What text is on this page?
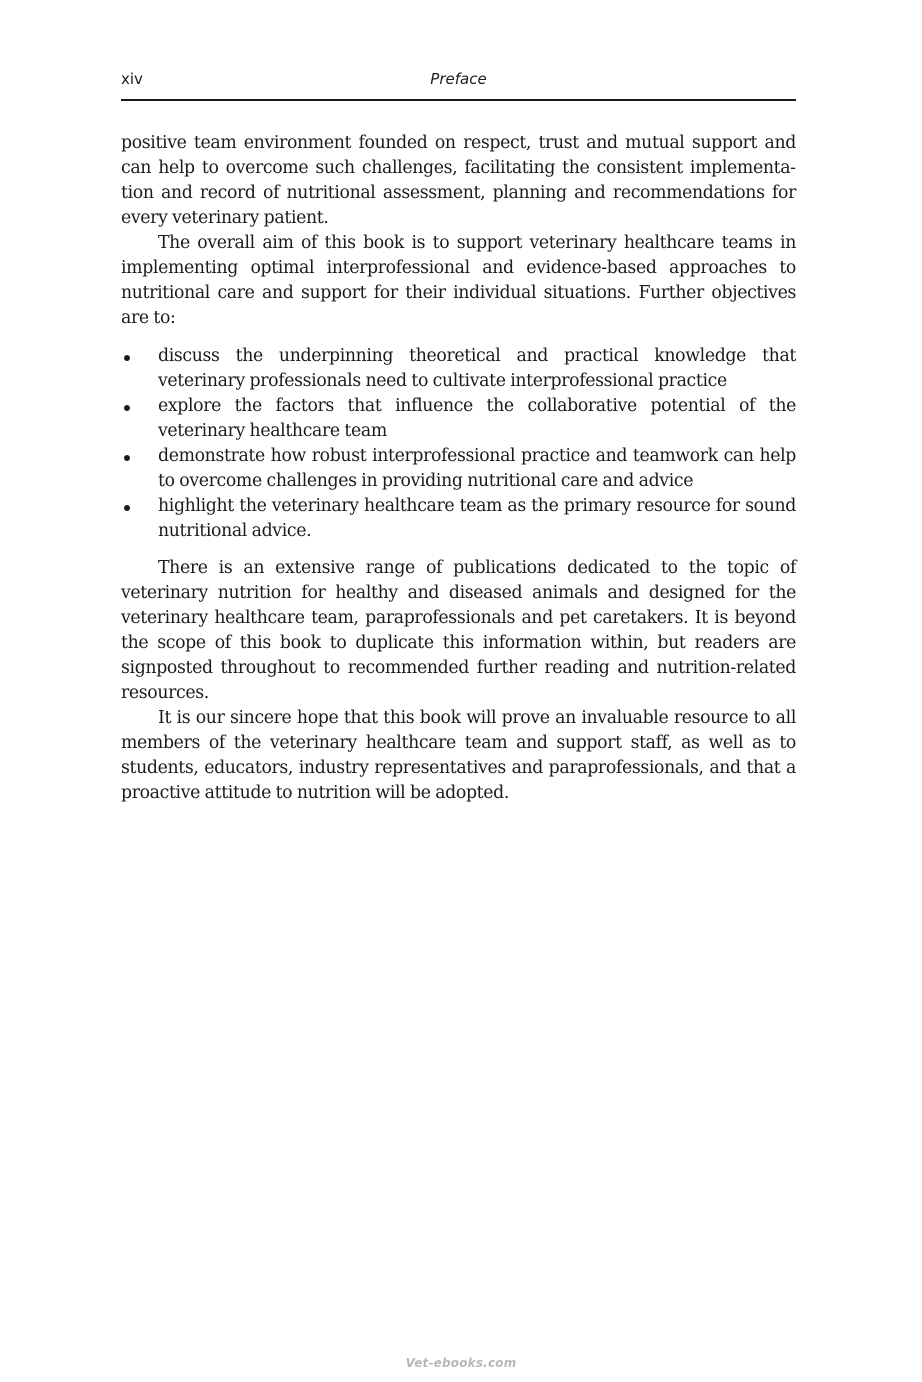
xiv	Preface

positive team environment founded on respect, trust and mutual support and can help to overcome such challenges, facilitating the consistent implementation and record of nutritional assessment, planning and recommendations for every veterinary patient.

The overall aim of this book is to support veterinary healthcare teams in implementing optimal interprofessional and evidence-based approaches to nutritional care and support for their individual situations. Further objectives are to:

discuss the underpinning theoretical and practical knowledge that veterinary professionals need to cultivate interprofessional practice
explore the factors that influence the collaborative potential of the veterinary healthcare team
demonstrate how robust interprofessional practice and teamwork can help to overcome challenges in providing nutritional care and advice
highlight the veterinary healthcare team as the primary resource for sound nutritional advice.

There is an extensive range of publications dedicated to the topic of veterinary nutrition for healthy and diseased animals and designed for the veterinary healthcare team, paraprofessionals and pet caretakers. It is beyond the scope of this book to duplicate this information within, but readers are signposted throughout to recommended further reading and nutrition-related resources.

It is our sincere hope that this book will prove an invaluable resource to all members of the veterinary healthcare team and support staff, as well as to students, educators, industry representatives and paraprofessionals, and that a proactive attitude to nutrition will be adopted.

Vet-ebooks.com
